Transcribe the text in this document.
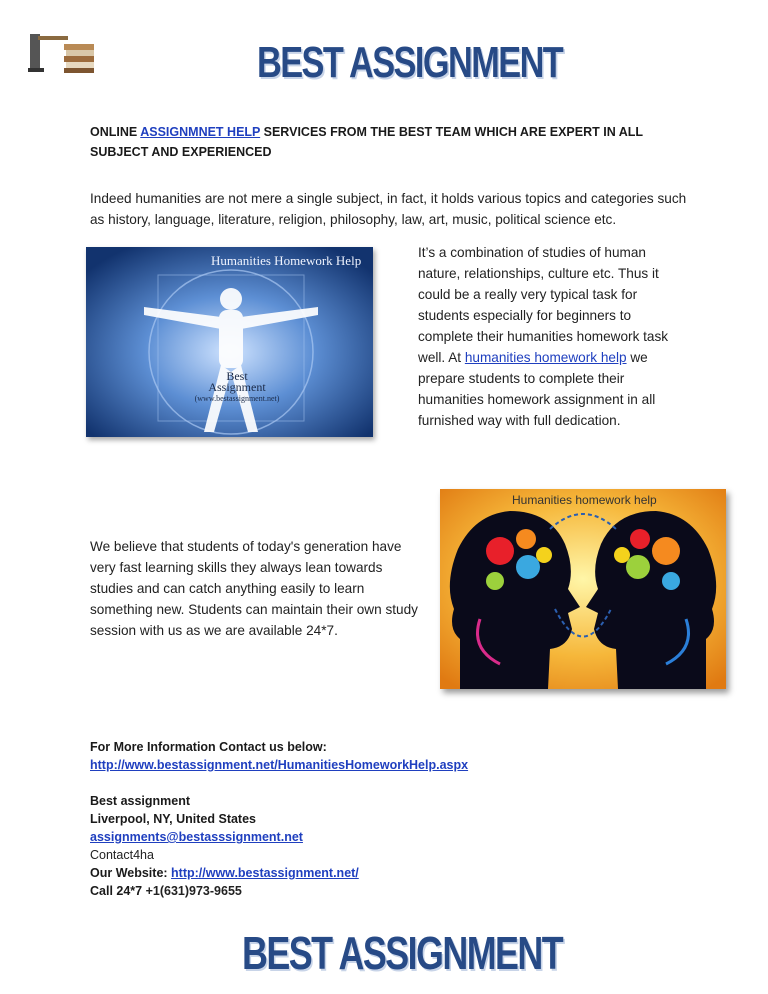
BEST ASSIGNMENT
ONLINE ASSIGNMNET HELP SERVICES FROM THE BEST TEAM WHICH ARE EXPERT IN ALL SUBJECT AND EXPERIENCED
Indeed humanities are not mere a single subject, in fact, it holds various topics and categories such as history, language, literature, religion, philosophy, law, art, music, political science etc.
Humanities Homework Help
Best
Assignment
(www.bestassignment.net)
It’s a combination of studies of human nature, relationships, culture etc. Thus it could be a really very typical task for students especially for beginners to complete their humanities homework task well. At humanities homework help we prepare students to complete their humanities homework assignment in all furnished way with full dedication.
Humanities homework help
We believe that students of today's generation have very fast learning skills they always lean towards studies and can catch anything easily to learn something new. Students can maintain their own study session with us as we are available 24*7.
For More Information Contact us below:
http://www.bestassignment.net/HumanitiesHomeworkHelp.aspx
Best assignment
Liverpool, NY, United States
assignments@bestasssignment.net
Contact4ha
Our Website: http://www.bestassignment.net/
Call 24*7 +1(631)973-9655
BEST ASSIGNMENT
